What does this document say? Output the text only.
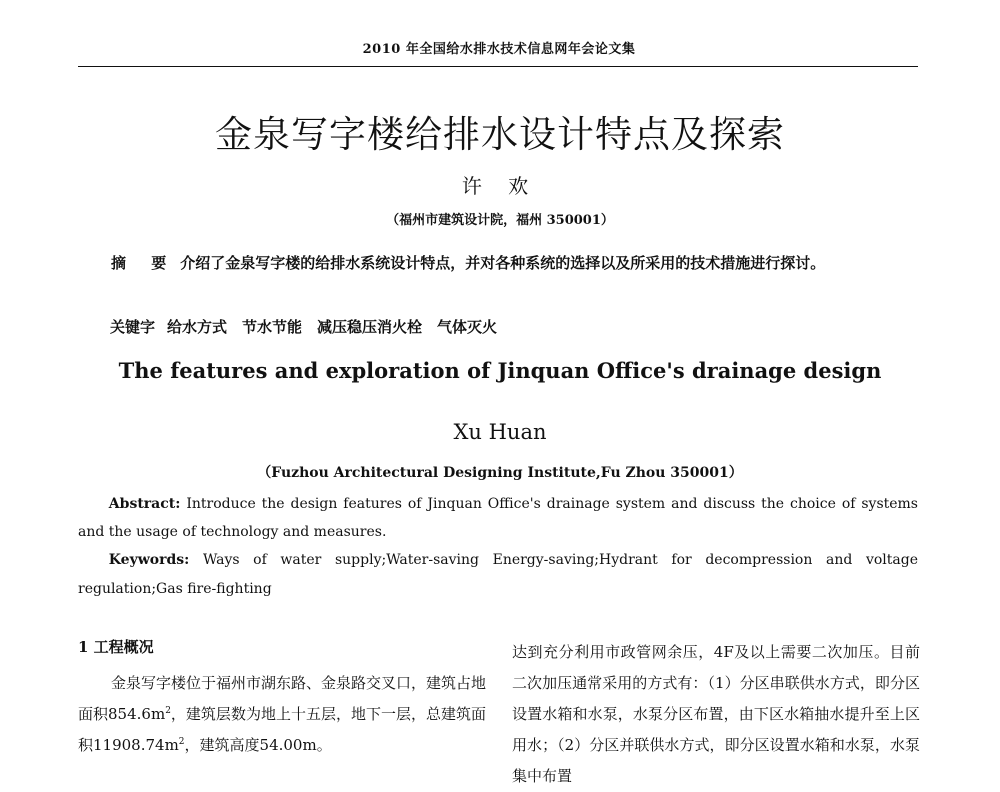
2010 年全国给水排水技术信息网年会论文集
金泉写字楼给排水设计特点及探索
许 欢
（福州市建筑设计院，福州 350001）
摘 要 介绍了金泉写字楼的给排水系统设计特点，并对各种系统的选择以及所采用的技术措施进行探讨。
关键字 给水方式　节水节能　减压稳压消火栓　气体灭火
The features and exploration of Jinquan Office's drainage design
Xu Huan
（Fuzhou Architectural Designing Institute,Fu Zhou 350001）
Abstract: Introduce the design features of Jinquan Office's drainage system and discuss the choice of systems and the usage of technology and measures.
Keywords: Ways of water supply;Water-saving Energy-saving;Hydrant for decompression and voltage regulation;Gas fire-fighting
1 工程概况
金泉写字楼位于福州市湖东路、金泉路交叉口，建筑占地面积$854.6m^2$，建筑层数为地上十五层，地下一层，总建筑面积$11908.74m^2$，建筑高度54.00m。
达到充分利用市政管网余压，4F及以上需要二次加压。目前二次加压通常采用的方式有：（1）分区串联供水方式，即分区设置水箱和水泵，水泵分区布置，由下区水箱抽水提升至上区用水；（2）分区并联供水方式，即分区设置水箱和水泵，水泵集中布置
